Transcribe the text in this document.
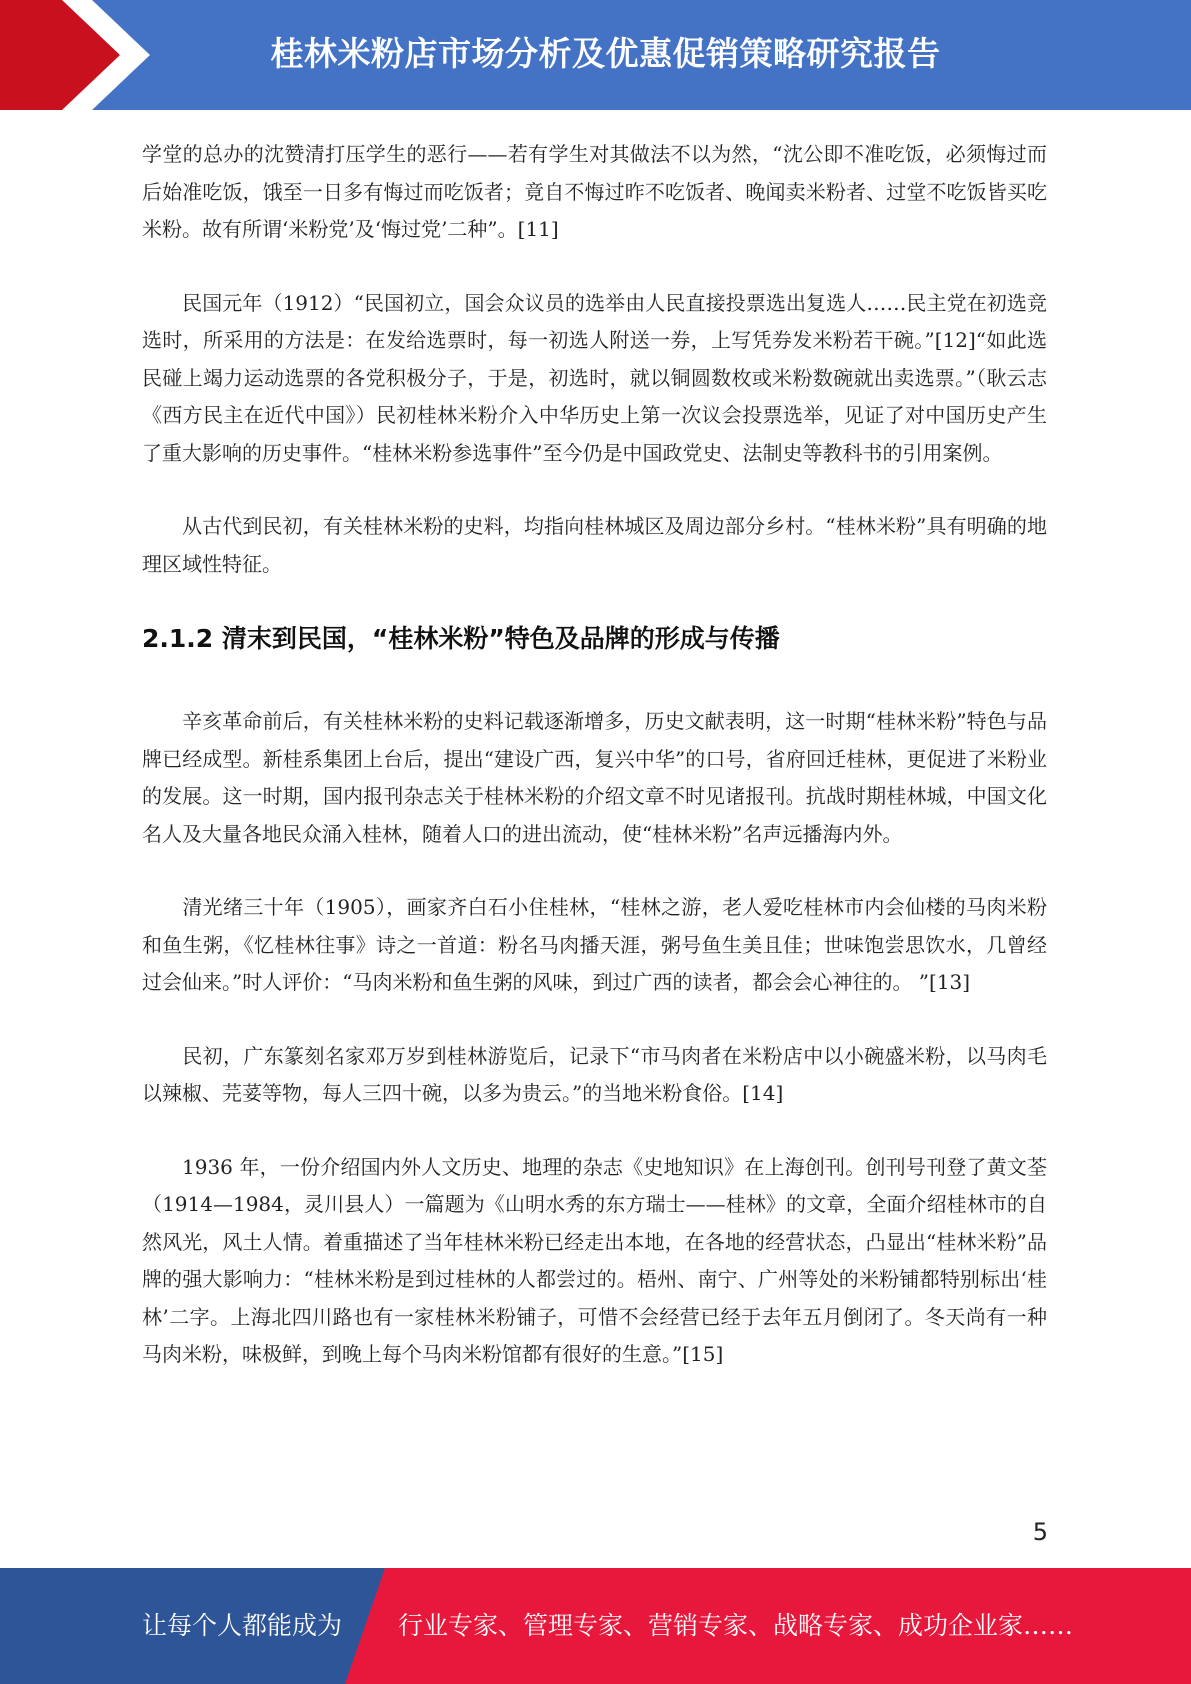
桂林米粉店市场分析及优惠促销策略研究报告

学堂的总办的沈赞清打压学生的恶行——若有学生对其做法不以为然，“沈公即不准吃饭，必须悔过而后始准吃饭，饿至一日多有悔过而吃饭者；竟自不悔过昨不吃饭者、晚闻卖米粉者、过堂不吃饭皆买吃米粉。故有所谓‘米粉党’及‘悔过党’二种”。[11]

民国元年（1912）“民国初立，国会众议员的选举由人民直接投票选出复选人……民主党在初选竞选时，所采用的方法是：在发给选票时，每一初选人附送一券，上写凭券发米粉若干碗。”[12]“如此选民碰上竭力运动选票的各党积极分子，于是，初选时，就以铜圆数枚或米粉数碗就出卖选票。”（耿云志《西方民主在近代中国》）民初桂林米粉介入中华历史上第一次议会投票选举，见证了对中国历史产生了重大影响的历史事件。“桂林米粉参选事件”至今仍是中国政党史、法制史等教科书的引用案例。

从古代到民初，有关桂林米粉的史料，均指向桂林城区及周边部分乡村。“桂林米粉”具有明确的地理区域性特征。

2.1.2 清末到民国，“桂林米粉”特色及品牌的形成与传播

辛亥革命前后，有关桂林米粉的史料记载逐渐增多，历史文献表明，这一时期“桂林米粉”特色与品牌已经成型。新桂系集团上台后，提出“建设广西，复兴中华”的口号，省府回迁桂林，更促进了米粉业的发展。这一时期，国内报刊杂志关于桂林米粉的介绍文章不时见诸报刊。抗战时期桂林城，中国文化名人及大量各地民众涌入桂林，随着人口的进出流动，使“桂林米粉”名声远播海内外。

清光绪三十年（1905），画家齐白石小住桂林，“桂林之游，老人爱吃桂林市内会仙楼的马肉米粉和鱼生粥，《忆桂林往事》诗之一首道：粉名马肉播天涯，粥号鱼生美且佳；世味饱尝思饮水，几曾经过会仙来。”时人评价：“马肉米粉和鱼生粥的风味，到过广西的读者，都会会心神往的。 ”[13]

民初，广东篆刻名家邓万岁到桂林游览后，记录下“市马肉者在米粉店中以小碗盛米粉，以马肉毛以辣椒、芫荽等物，每人三四十碗，以多为贵云。”的当地米粉食俗。[14]

1936 年，一份介绍国内外人文历史、地理的杂志《史地知识》在上海创刊。创刊号刊登了黄文荃（1914—1984，灵川县人）一篇题为《山明水秀的东方瑞士——桂林》的文章，全面介绍桂林市的自然风光，风土人情。着重描述了当年桂林米粉已经走出本地，在各地的经营状态，凸显出“桂林米粉”品牌的强大影响力：“桂林米粉是到过桂林的人都尝过的。梧州、南宁、广州等处的米粉铺都特别标出‘桂林’二字。上海北四川路也有一家桂林米粉铺子，可惜不会经营已经于去年五月倒闭了。冬天尚有一种马肉米粉，味极鲜，到晚上每个马肉米粉馆都有很好的生意。”[15]

5
让每个人都能成为 行业专家、管理专家、营销专家、战略专家、成功企业家……
